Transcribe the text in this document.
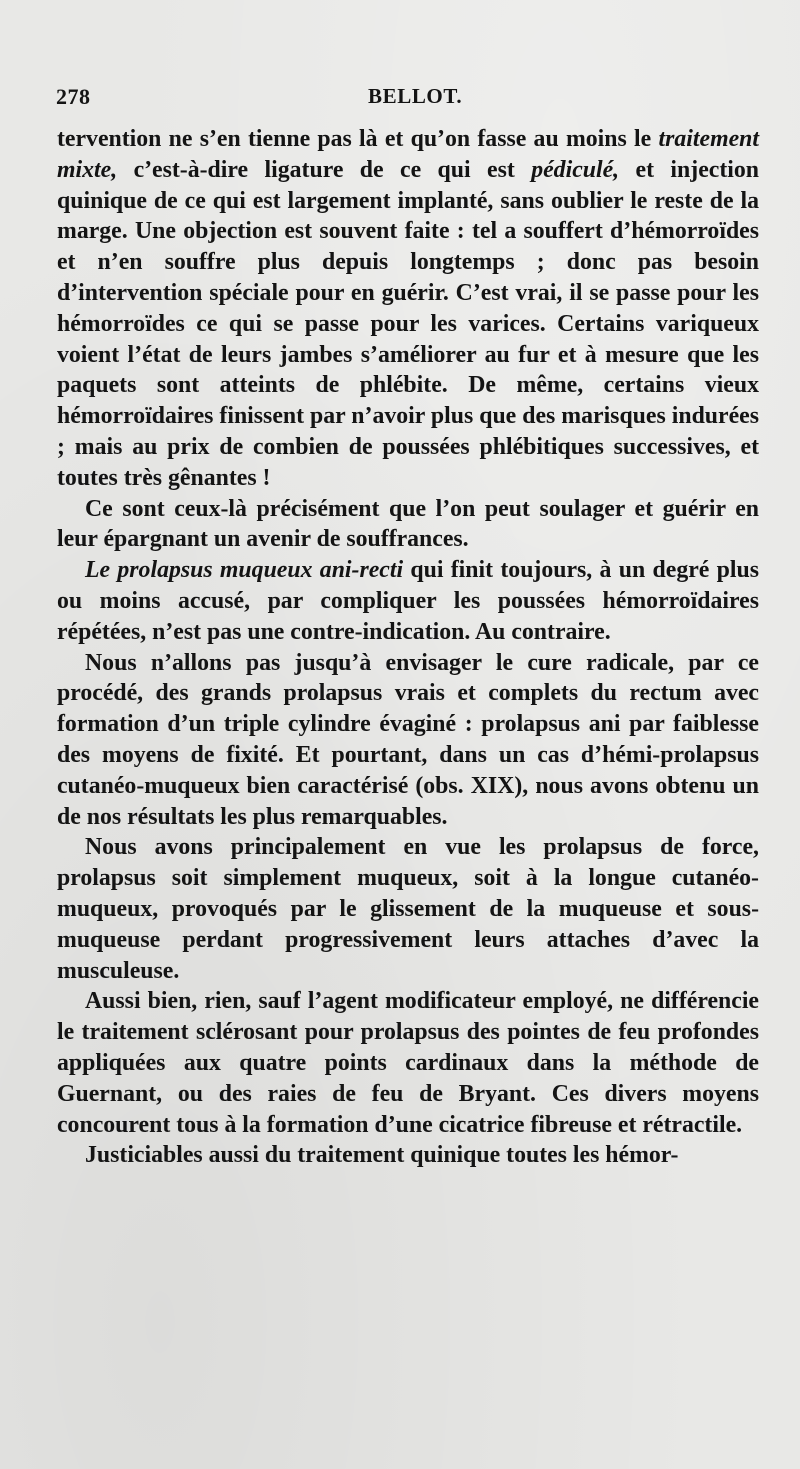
278	BELLOT.

tervention ne s’en tienne pas là et qu’on fasse au moins le traitement mixte, c’est-à-dire ligature de ce qui est pédiculé, et injection quinique de ce qui est largement implanté, sans oublier le reste de la marge. Une objection est souvent faite : tel a souffert d’hémorroïdes et n’en souffre plus depuis longtemps ; donc pas besoin d’intervention spéciale pour en guérir. C’est vrai, il se passe pour les hémorroïdes ce qui se passe pour les varices. Certains variqueux voient l’état de leurs jambes s’améliorer au fur et à mesure que les paquets sont atteints de phlébite. De même, certains vieux hémorroïdaires finissent par n’avoir plus que des marisques indurées ; mais au prix de combien de poussées phlébitiques successives, et toutes très gênantes !

Ce sont ceux-là précisément que l’on peut soulager et guérir en leur épargnant un avenir de souffrances.

Le prolapsus muqueux ani-recti qui finit toujours, à un degré plus ou moins accusé, par compliquer les poussées hémorroïdaires répétées, n’est pas une contre-indication. Au contraire.

Nous n’allons pas jusqu’à envisager le cure radicale, par ce procédé, des grands prolapsus vrais et complets du rectum avec formation d’un triple cylindre évaginé : prolapsus ani par faiblesse des moyens de fixité. Et pourtant, dans un cas d’hémi-prolapsus cutanéo-muqueux bien caractérisé (obs. XIX), nous avons obtenu un de nos résultats les plus remarquables.

Nous avons principalement en vue les prolapsus de force, prolapsus soit simplement muqueux, soit à la longue cutanéo-muqueux, provoqués par le glissement de la muqueuse et sous-muqueuse perdant progressivement leurs attaches d’avec la musculeuse.

Aussi bien, rien, sauf l’agent modificateur employé, ne différencie le traitement sclérosant pour prolapsus des pointes de feu profondes appliquées aux quatre points cardinaux dans la méthode de Guernant, ou des raies de feu de Bryant. Ces divers moyens concourent tous à la formation d’une cicatrice fibreuse et rétractile.

Justiciables aussi du traitement quinique toutes les hémor-
